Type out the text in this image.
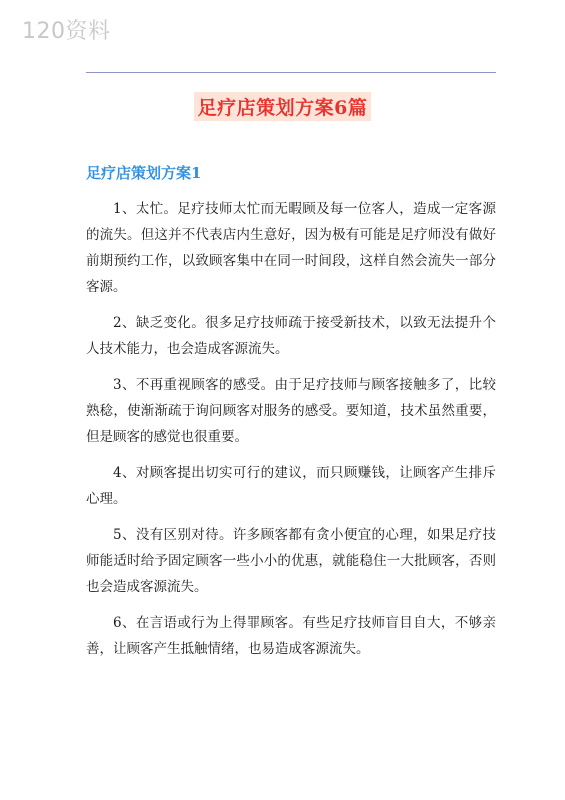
120资料
足疗店策划方案6篇
足疗店策划方案1

1、太忙。足疗技师太忙而无暇顾及每一位客人，造成一定客源的流失。但这并不代表店内生意好，因为极有可能是足疗师没有做好前期预约工作，以致顾客集中在同一时间段，这样自然会流失一部分客源。

2、缺乏变化。很多足疗技师疏于接受新技术，以致无法提升个人技术能力，也会造成客源流失。

3、不再重视顾客的感受。由于足疗技师与顾客接触多了，比较熟稔，使渐渐疏于询问顾客对服务的感受。要知道，技术虽然重要，但是顾客的感觉也很重要。

4、对顾客提出切实可行的建议，而只顾赚钱，让顾客产生排斥心理。

5、没有区别对待。许多顾客都有贪小便宜的心理，如果足疗技师能适时给予固定顾客一些小小的优惠，就能稳住一大批顾客，否则也会造成客源流失。

6、在言语或行为上得罪顾客。有些足疗技师盲目自大，不够亲善，让顾客产生抵触情绪，也易造成客源流失。
